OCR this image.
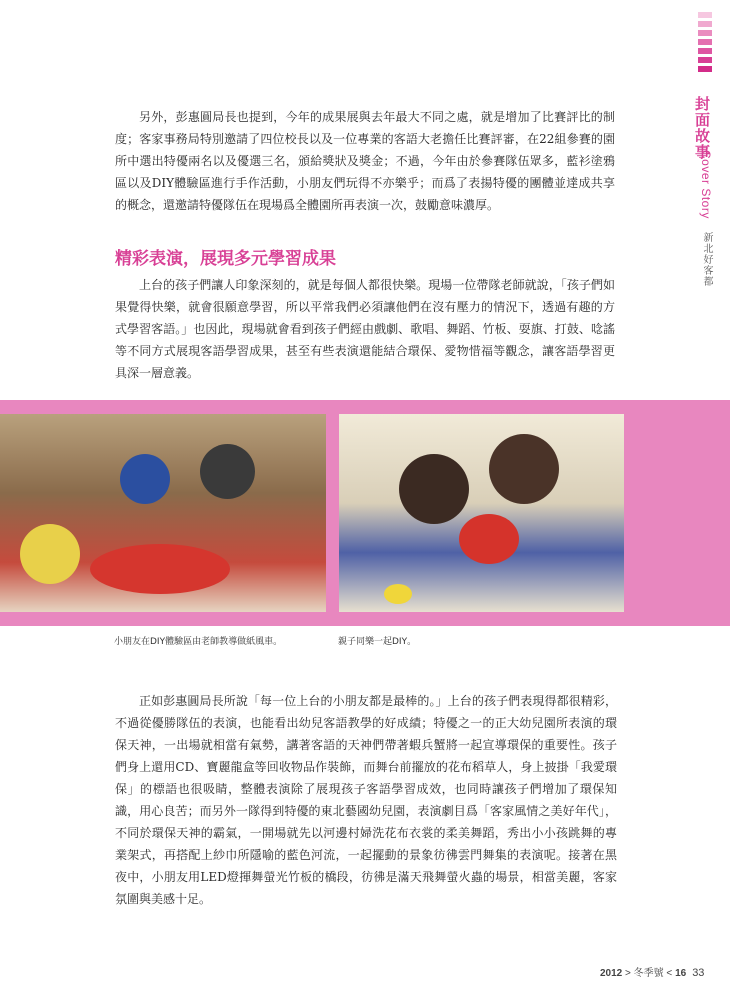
封面故事
Cover Story
新北好客都

另外，彭惠圓局長也提到，今年的成果展與去年最大不同之處，就是增加了比賽評比的制度；客家事務局特別邀請了四位校長以及一位專業的客語大老擔任比賽評審，在22組參賽的園所中選出特優兩名以及優選三名，頒給獎狀及獎金；不過，今年由於參賽隊伍眾多，藍衫塗鴉區以及DIY體驗區進行手作活動，小朋友們玩得不亦樂乎；而爲了表揚特優的團體並達成共享的概念，還邀請特優隊伍在現場爲全體園所再表演一次，鼓勵意味濃厚。

精彩表演，展現多元學習成果

上台的孩子們讓人印象深刻的，就是每個人都很快樂。現場一位帶隊老師就說，「孩子們如果覺得快樂，就會很願意學習，所以平常我們必須讓他們在沒有壓力的情況下，透過有趣的方式學習客語。」也因此，現場就會看到孩子們經由戲劇、歌唱、舞蹈、竹板、耍旗、打鼓、唸謠等不同方式展現客語學習成果，甚至有些表演還能結合環保、愛物惜福等觀念，讓客語學習更具深一層意義。

小朋友在DIY體驗區由老師教導做紙風車。	親子同樂一起DIY。

正如彭惠圓局長所說「每一位上台的小朋友都是最棒的。」上台的孩子們表現得都很精彩，不過從優勝隊伍的表演，也能看出幼兒客語教學的好成績；特優之一的正大幼兒園所表演的環保天神，一出場就相當有氣勢，講著客語的天神們帶著蝦兵蟹將一起宣導環保的重要性。孩子們身上還用CD、寶麗龍盒等回收物品作裝飾，而舞台前擺放的花布稻草人，身上披掛「我愛環保」的標語也很吸睛，整體表演除了展現孩子客語學習成效，也同時讓孩子們增加了環保知識，用心良苦；而另外一隊得到特優的東北藝國幼兒園，表演劇目爲「客家風情之美好年代」，不同於環保天神的霸氣，一開場就先以河邊村婦洗花布衣裳的柔美舞蹈，秀出小小孩跳舞的專業架式，再搭配上紗巾所隱喻的藍色河流，一起擺動的景象彷彿雲門舞集的表演呢。接著在黑夜中，小朋友用LED燈揮舞螢光竹板的橋段，彷彿是滿天飛舞螢火蟲的場景，相當美麗，客家氛圍與美感十足。

2012 > 冬季號 < 16 33
